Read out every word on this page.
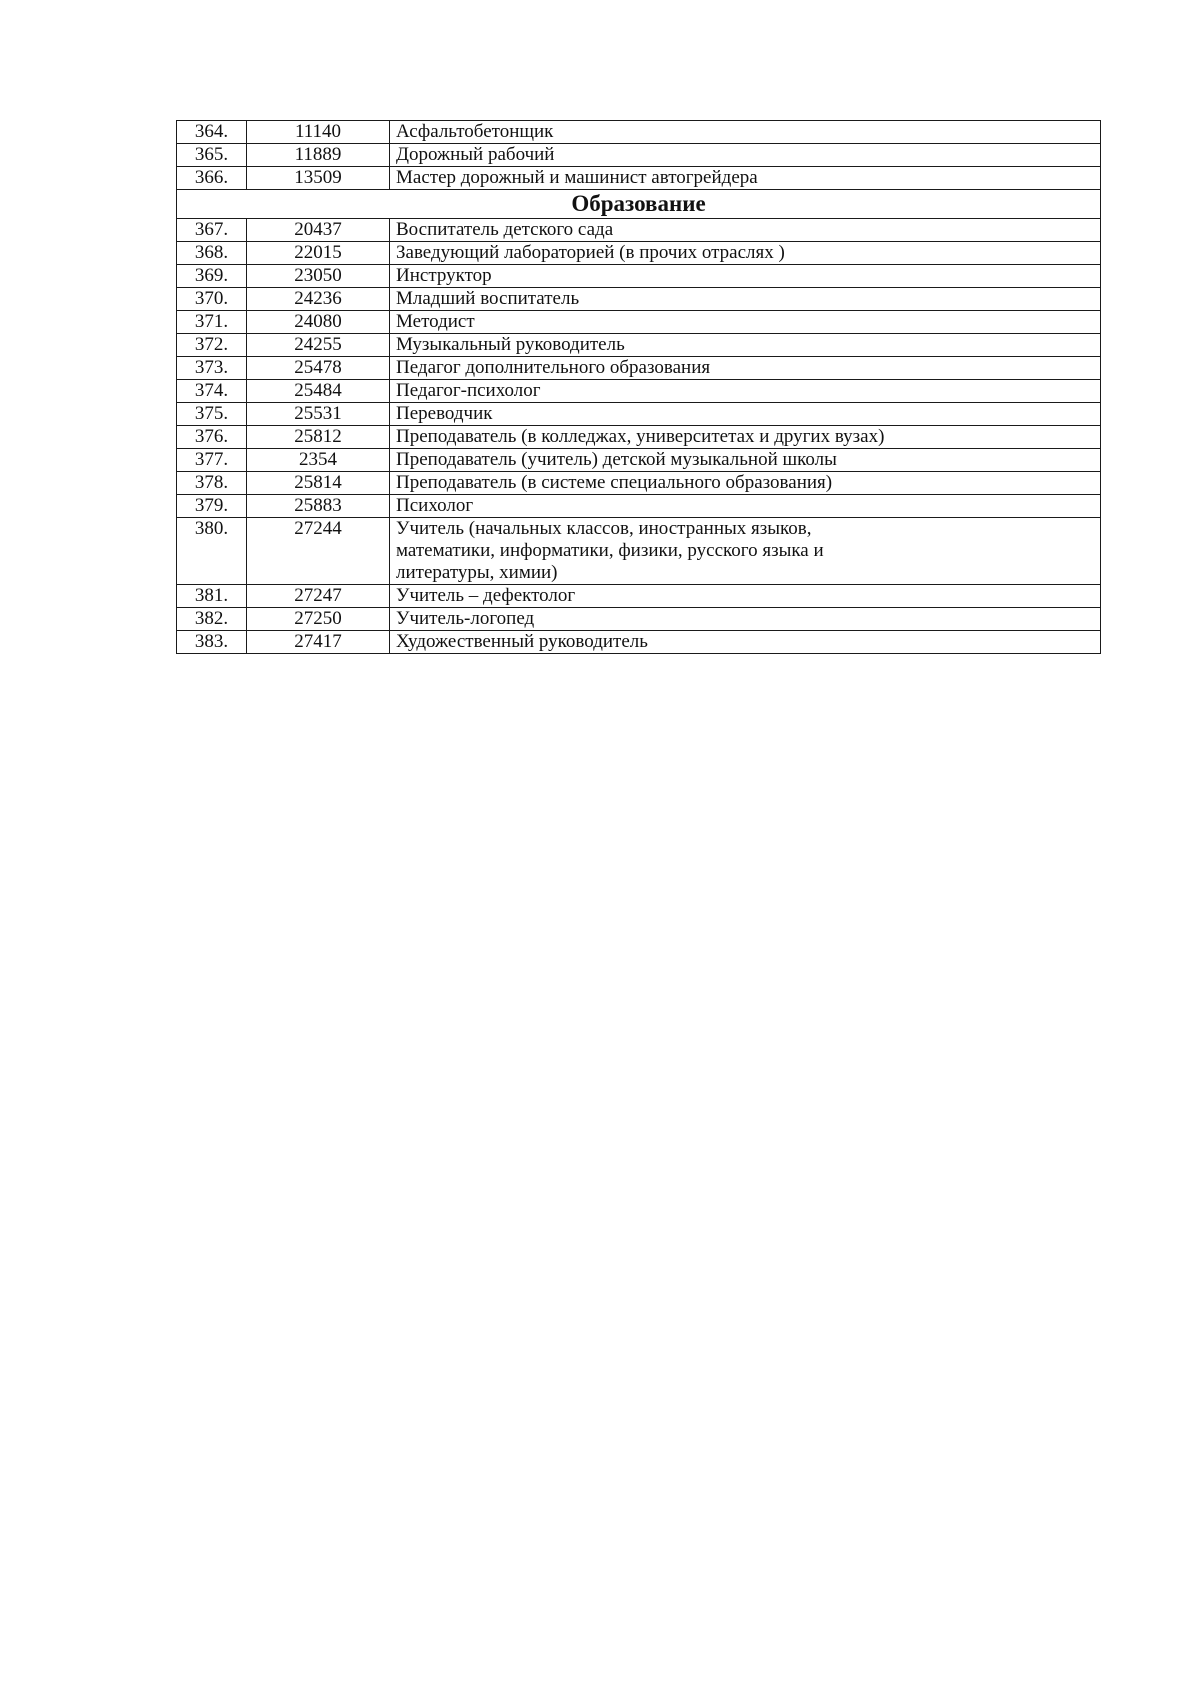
364.	11140	Асфальтобетонщик
365.	11889	Дорожный рабочий
366.	13509	Мастер дорожный и машинист автогрейдера
Образование		
367.	20437	Воспитатель детского сада
368.	22015	Заведующий лабораторией (в прочих отраслях )
369.	23050	Инструктор
370.	24236	Младший воспитатель
371.	24080	Методист
372.	24255	Музыкальный руководитель
373.	25478	Педагог дополнительного образования
374.	25484	Педагог-психолог
375.	25531	Переводчик
376.	25812	Преподаватель (в колледжах, университетах и других вузах)
377.	2354	Преподаватель (учитель) детской музыкальной школы
378.	25814	Преподаватель (в системе специального образования)
379.	25883	Психолог
380.	27244	Учитель (начальных классов, иностранных языков,
математики, информатики, физики, русского языка и
литературы, химии)

381.	27247	Учитель – дефектолог
382.	27250	Учитель-логопед
383.	27417	Художественный руководитель
